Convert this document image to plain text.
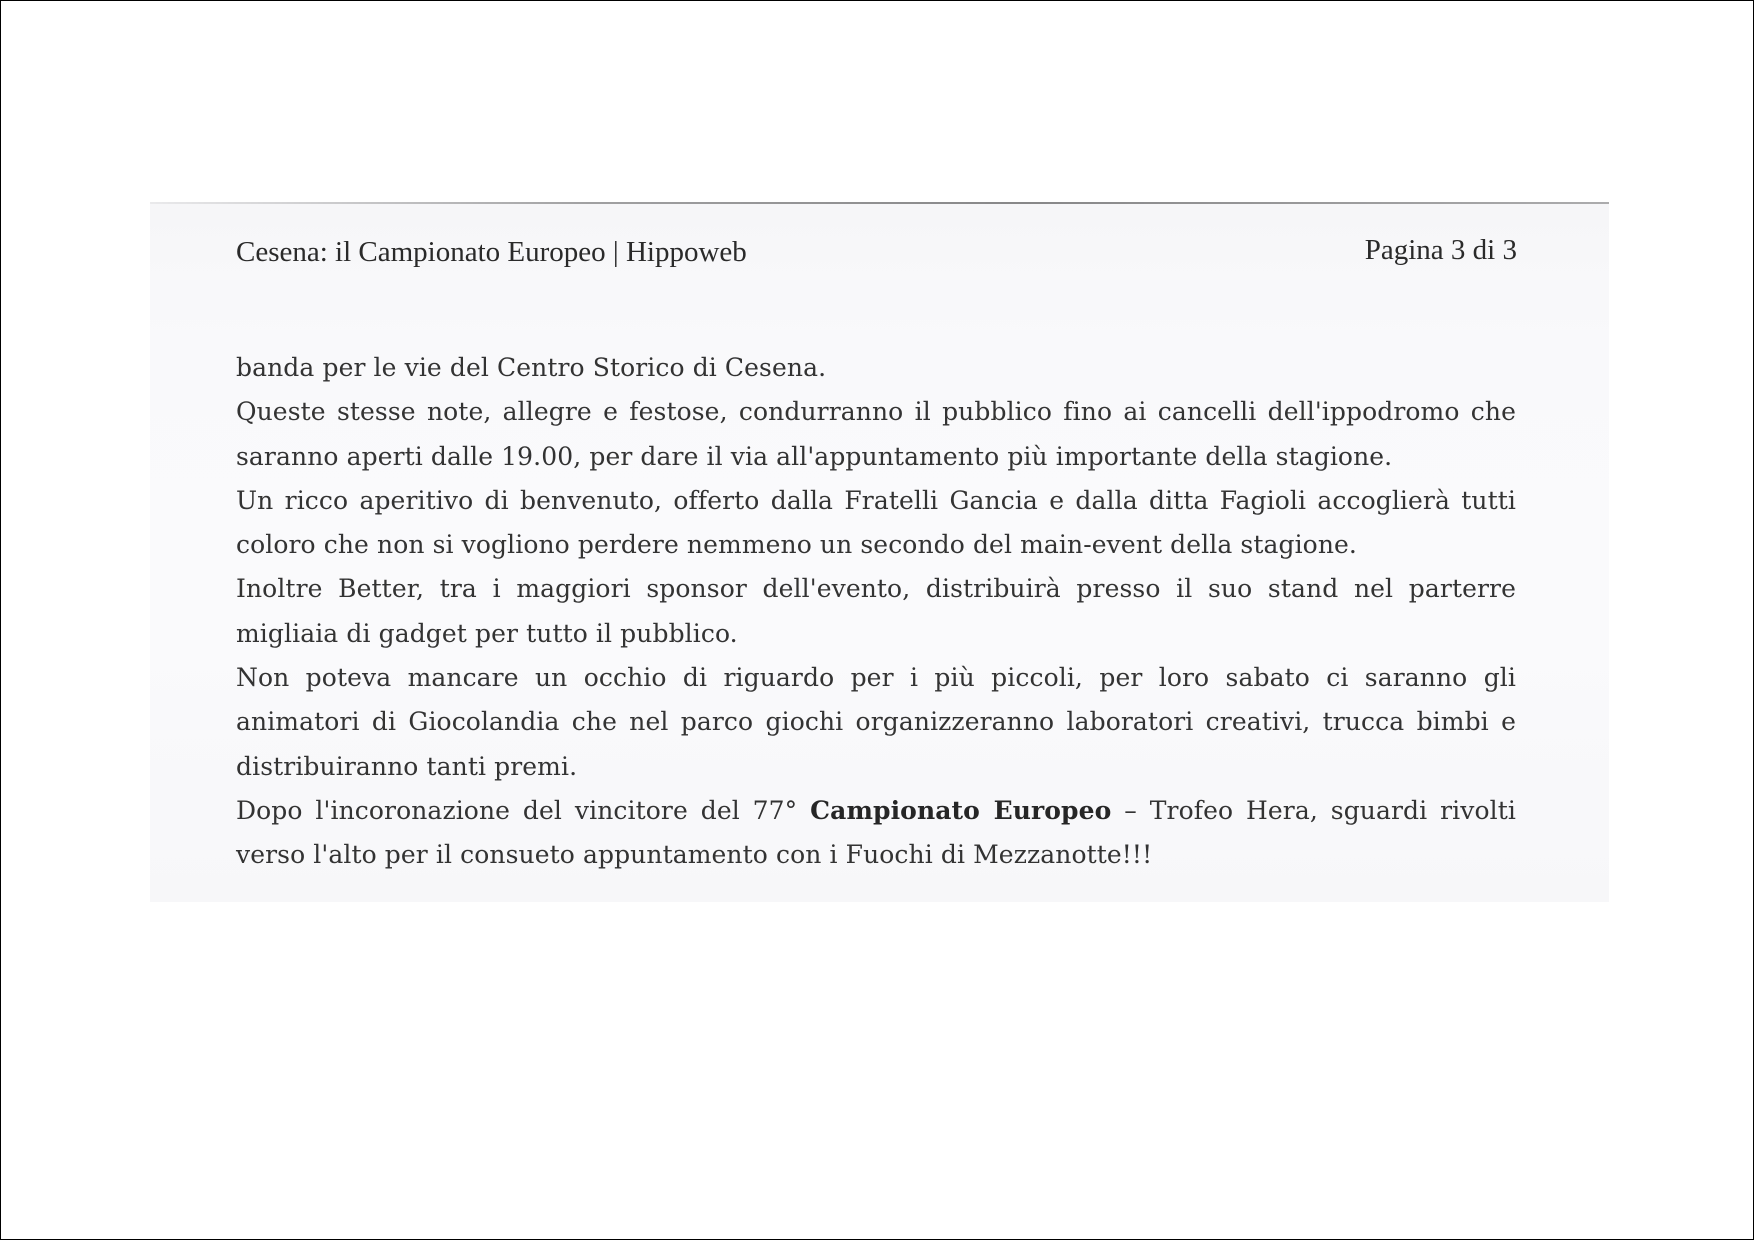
Cesena: il Campionato Europeo | Hippoweb	Pagina 3 di 3
banda per le vie del Centro Storico di Cesena.
Queste stesse note, allegre e festose, condurranno il pubblico fino ai cancelli dell'ippodromo che
saranno aperti dalle 19.00, per dare il via all'appuntamento più importante della stagione.
Un ricco aperitivo di benvenuto, offerto dalla Fratelli Gancia e dalla ditta Fagioli accoglierà tutti
coloro che non si vogliono perdere nemmeno un secondo del main-event della stagione.
Inoltre Better, tra i maggiori sponsor dell'evento, distribuirà presso il suo stand nel parterre
migliaia di gadget per tutto il pubblico.
Non poteva mancare un occhio di riguardo per i più piccoli, per loro sabato ci saranno gli
animatori di Giocolandia che nel parco giochi organizzeranno laboratori creativi, trucca bimbi e
distribuiranno tanti premi.
Dopo l'incoronazione del vincitore del 77° Campionato Europeo – Trofeo Hera, sguardi rivolti
verso l'alto per il consueto appuntamento con i Fuochi di Mezzanotte!!!
